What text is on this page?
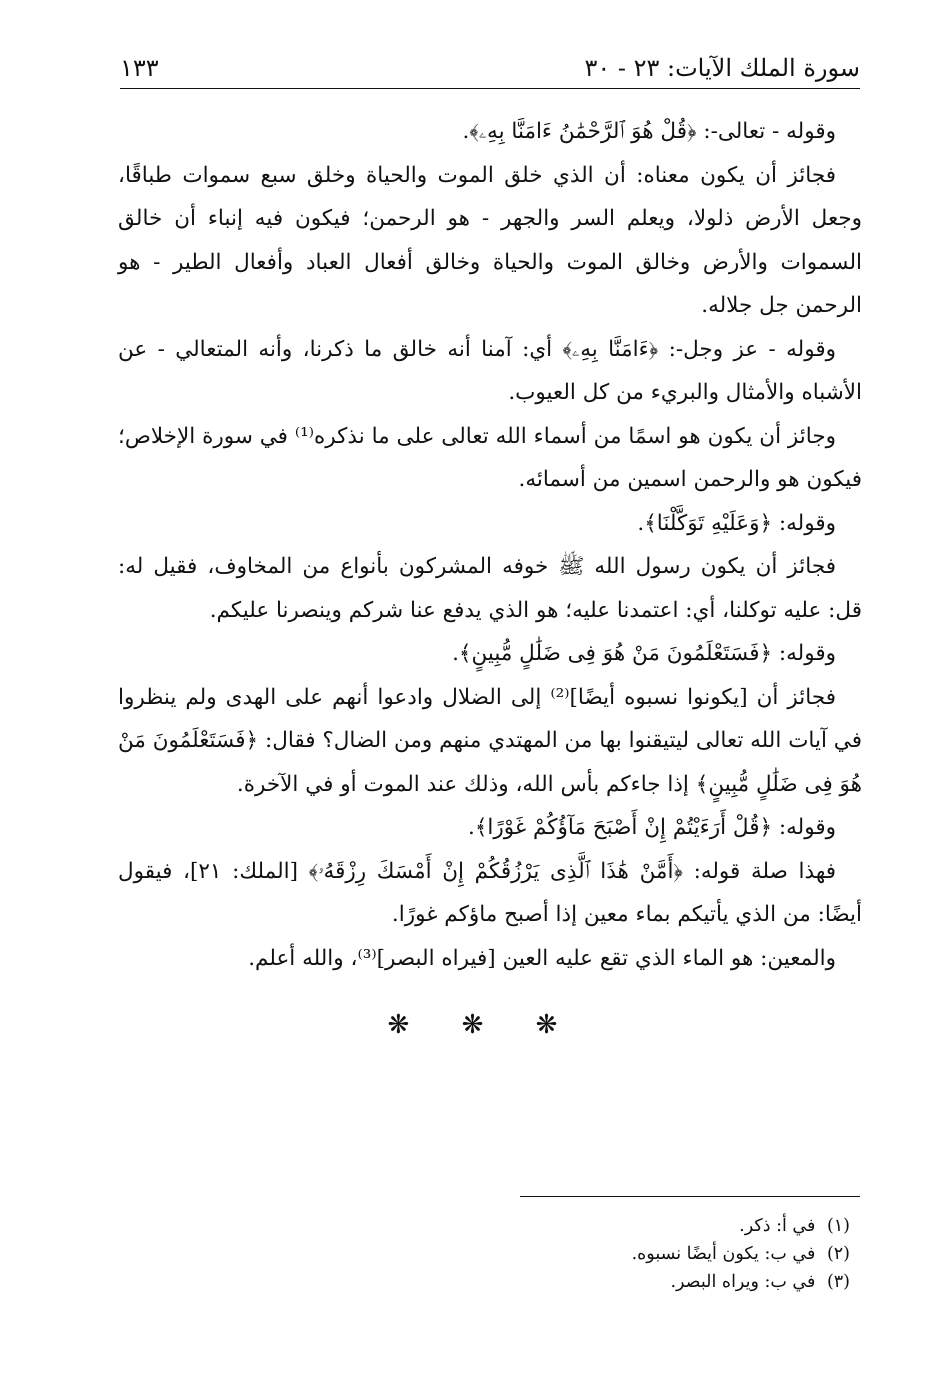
سورة الملك الآيات: ٢٣ - ٣٠
١٣٣

وقوله - تعالى-: ﴿قُلْ هُوَ ٱلرَّحْمَٰنُ ءَامَنَّا بِهِۦ﴾.

فجائز أن يكون معناه: أن الذي خلق الموت والحياة وخلق سبع سموات طباقًا، وجعل الأرض ذلولا، ويعلم السر والجهر - هو الرحمن؛ فيكون فيه إنباء أن خالق السموات والأرض وخالق الموت والحياة وخالق أفعال العباد وأفعال الطير - هو الرحمن جل جلاله.

وقوله - عز وجل-: ﴿ءَامَنَّا بِهِۦ﴾ أي: آمنا أنه خالق ما ذكرنا، وأنه المتعالي - عن الأشباه والأمثال والبريء من كل العيوب.

وجائز أن يكون هو اسمًا من أسماء الله تعالى على ما نذكره⁽¹⁾ في سورة الإخلاص؛ فيكون هو والرحمن اسمين من أسمائه.

وقوله: ﴿وَعَلَيْهِ تَوَكَّلْنَا﴾.

فجائز أن يكون رسول الله ﷺ خوفه المشركون بأنواع من المخاوف، فقيل له: قل: عليه توكلنا، أي: اعتمدنا عليه؛ هو الذي يدفع عنا شركم وينصرنا عليكم.

وقوله: ﴿فَسَتَعْلَمُونَ مَنْ هُوَ فِى ضَلَٰلٍ مُّبِينٍ﴾.

فجائز أن [يكونوا نسبوه أيضًا]⁽²⁾ إلى الضلال وادعوا أنهم على الهدى ولم ينظروا في آيات الله تعالى ليتيقنوا بها من المهتدي منهم ومن الضال؟ فقال: ﴿فَسَتَعْلَمُونَ مَنْ هُوَ فِى ضَلَٰلٍ مُّبِينٍ﴾ إذا جاءكم بأس الله، وذلك عند الموت أو في الآخرة.

وقوله: ﴿قُلْ أَرَءَيْتُمْ إِنْ أَصْبَحَ مَآؤُكُمْ غَوْرًا﴾.

فهذا صلة قوله: ﴿أَمَّنْ هَٰذَا ٱلَّذِى يَرْزُقُكُمْ إِنْ أَمْسَكَ رِزْقَهُۥ﴾ [الملك: ٢١]، فيقول أيضًا: من الذي يأتيكم بماء معين إذا أصبح ماؤكم غورًا.

والمعين: هو الماء الذي تقع عليه العين [فيراه البصر]⁽³⁾، والله أعلم.

❋ ❋ ❋
(١) في أ: ذكر.
(٢) في ب: يكون أيضًا نسبوه.
(٣) في ب: ويراه البصر.
